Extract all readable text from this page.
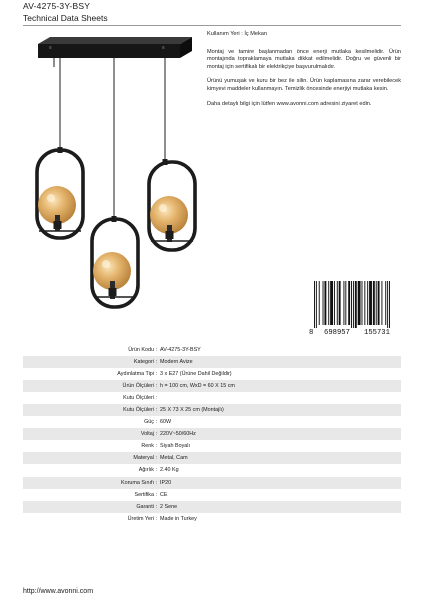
AV-4275-3Y-BSY
Technical Data Sheets

Kullanım Yeri : İç Mekan

Montaj ve tamire başlanmadan önce enerji mutlaka kesilmelidir. Ürün montajında topraklamaya mutlaka dikkat edilmelidir. Doğru ve güvenli bir montaj için sertifikalı bir elektrikçiye başvurulmalıdır.

Ürünü yumuşak ve kuru bir bez ile silin. Ürün kaplamasına zarar verebilecek kimyevi maddeler kullanmayın. Temizlik öncesinde enerjiyi mutlaka kesin.

Daha detaylı bilgi için lütfen www.avonni.com adresini ziyaret edin.

8 698957 155731
Ürün Kodu : AV-4275-3Y-BSY
Kategori : Modern Avize
Aydınlatma Tipi : 3 x E27 (Ürüne Dahil Değildir)
Ürün Ölçüleri : h = 100 cm, WxD = 60 X 15 cm
Kutu Ölçüleri :
Kutu Ölçüleri : 25 X 73 X 25 cm (Montajlı)
Güç : 60W
Voltaj : 220V~50/60Hz
Renk : Siyah Boyalı
Materyal : Metal, Cam
Ağırlık : 2.40 Kg
Koruma Sınıfı : IP20
Sertifika : CE
Garanti : 2 Sene
Üretim Yeri : Made in Turkey
http://www.avonni.com
